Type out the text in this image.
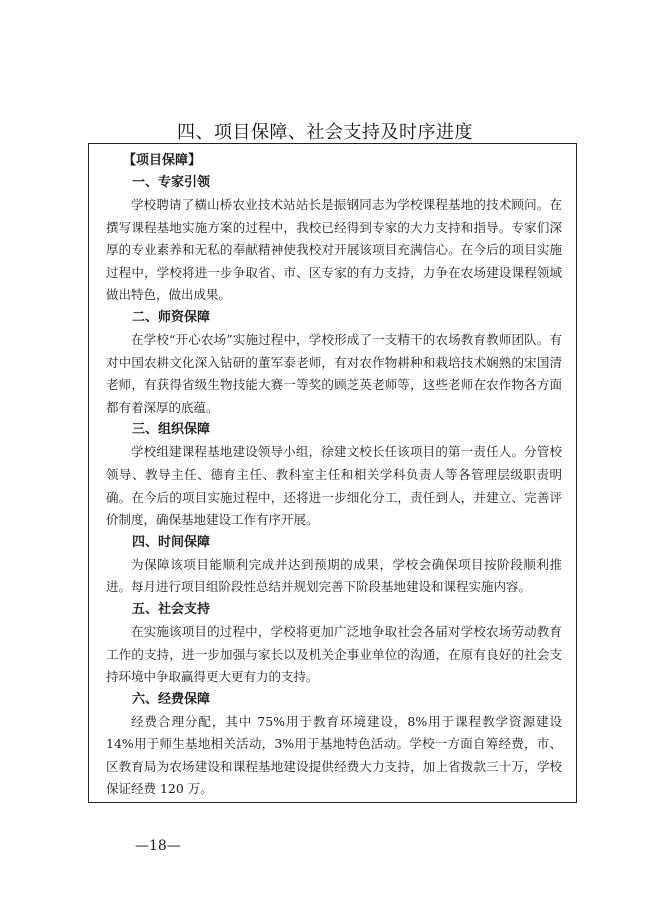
四、项目保障、社会支持及时序进度
【项目保障】
一、专家引领

学校聘请了横山桥农业技术站站长是振钢同志为学校课程基地的技术顾问。在撰写课程基地实施方案的过程中，我校已经得到专家的大力支持和指导。专家们深厚的专业素养和无私的奉献精神使我校对开展该项目充满信心。在今后的项目实施过程中，学校将进一步争取省、市、区专家的有力支持，力争在农场建设课程领域做出特色，做出成果。

二、师资保障

在学校“开心农场”实施过程中，学校形成了一支精干的农场教育教师团队。有对中国农耕文化深入钻研的董军泰老师，有对农作物耕种和栽培技术娴熟的宋国清老师，有获得省级生物技能大赛一等奖的顾芝英老师等，这些老师在农作物各方面都有着深厚的底蕴。

三、组织保障

学校组建课程基地建设领导小组，徐建文校长任该项目的第一责任人。分管校领导、教导主任、德育主任、教科室主任和相关学科负责人等各管理层级职责明确。在今后的项目实施过程中，还将进一步细化分工，责任到人，并建立、完善评价制度，确保基地建设工作有序开展。

四、时间保障

为保障该项目能顺利完成并达到预期的成果，学校会确保项目按阶段顺利推进。每月进行项目组阶段性总结并规划完善下阶段基地建设和课程实施内容。

五、社会支持

在实施该项目的过程中，学校将更加广泛地争取社会各届对学校农场劳动教育工作的支持，进一步加强与家长以及机关企事业单位的沟通，在原有良好的社会支持环境中争取赢得更大更有力的支持。

六、经费保障

经费合理分配，其中 75%用于教育环境建设，8%用于课程教学资源建设 14%用于师生基地相关活动，3%用于基地特色活动。学校一方面自筹经费，市、区教育局为农场建设和课程基地建设提供经费大力支持，加上省拨款三十万，学校保证经费 120 万。

—18—
